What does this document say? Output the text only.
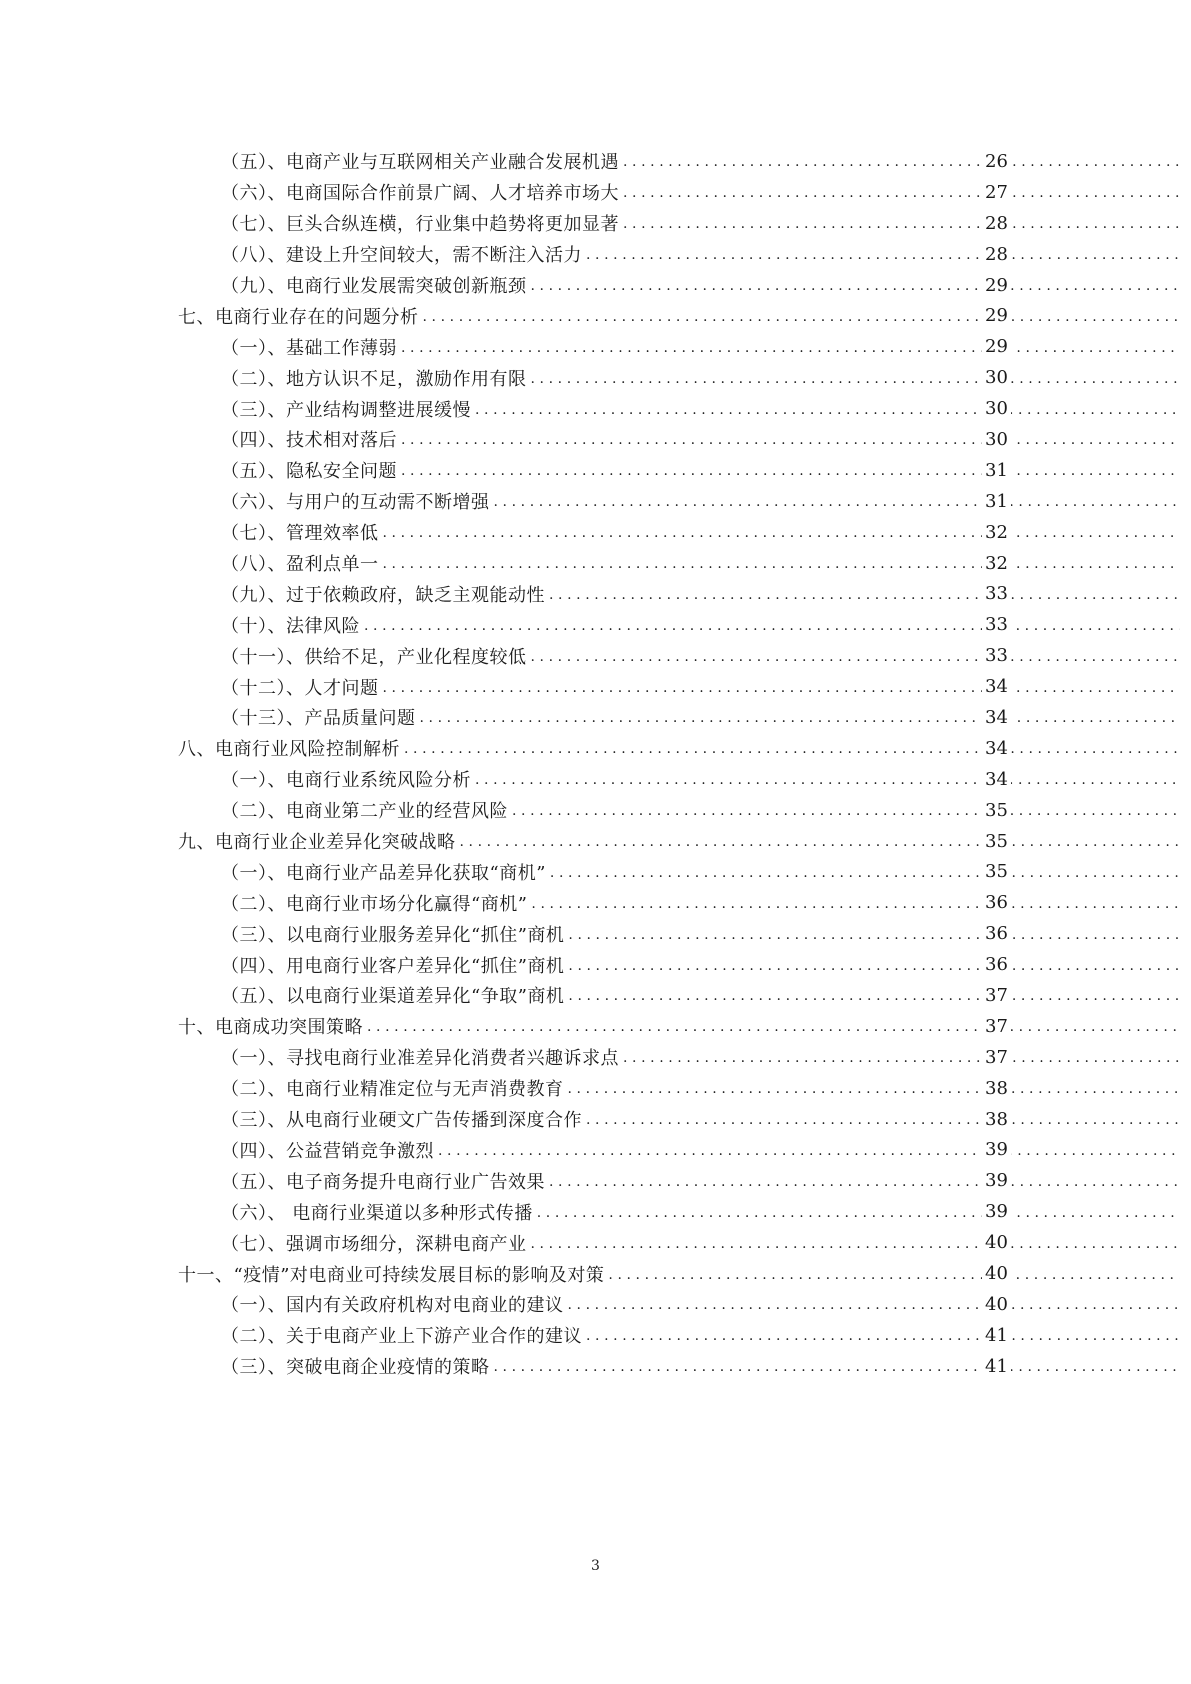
（五）、电商产业与互联网相关产业融合发展机遇 .....	26
（六）、电商国际合作前景广阔、人才培养市场大 .....	27
（七）、巨头合纵连横，行业集中趋势将更加显著 .....	28
（八）、建设上升空间较大，需不断注入活力 .....	28
（九）、电商行业发展需突破创新瓶颈 .....	29
七、电商行业存在的问题分析 .....	29
（一）、基础工作薄弱 .....	29
（二）、地方认识不足，激励作用有限 .....	30
（三）、产业结构调整进展缓慢 .....	30
（四）、技术相对落后 .....	30
（五）、隐私安全问题 .....	31
（六）、与用户的互动需不断增强 .....	31
（七）、管理效率低 .....	32
（八）、盈利点单一 .....	32
（九）、过于依赖政府，缺乏主观能动性 .....	33
（十）、法律风险 .....	33
（十一）、供给不足，产业化程度较低 .....	33
（十二）、人才问题 .....	34
（十三）、产品质量问题 .....	34
八、电商行业风险控制解析 .....	34
（一）、电商行业系统风险分析 .....	34
（二）、电商业第二产业的经营风险 .....	35
九、电商行业企业差异化突破战略 .....	35
（一）、电商行业产品差异化获取“商机” .....	35
（二）、电商行业市场分化赢得“商机” .....	36
（三）、以电商行业服务差异化“抓住”商机 .....	36
（四）、用电商行业客户差异化“抓住”商机 .....	36
（五）、以电商行业渠道差异化“争取”商机 .....	37
十、电商成功突围策略 .....	37
（一）、寻找电商行业准差异化消费者兴趣诉求点 .....	37
（二）、电商行业精准定位与无声消费教育 .....	38
（三）、从电商行业硬文广告传播到深度合作 .....	38
（四）、公益营销竞争激烈 .....	39
（五）、电子商务提升电商行业广告效果 .....	39
（六）、 电商行业渠道以多种形式传播 .....	39
（七）、强调市场细分，深耕电商产业 .....	40
十一、“疫情”对电商业可持续发展目标的影响及对策 .....	40
（一）、国内有关政府机构对电商业的建议 .....	40
（二）、关于电商产业上下游产业合作的建议 .....	41
（三）、突破电商企业疫情的策略 .....	41
3
